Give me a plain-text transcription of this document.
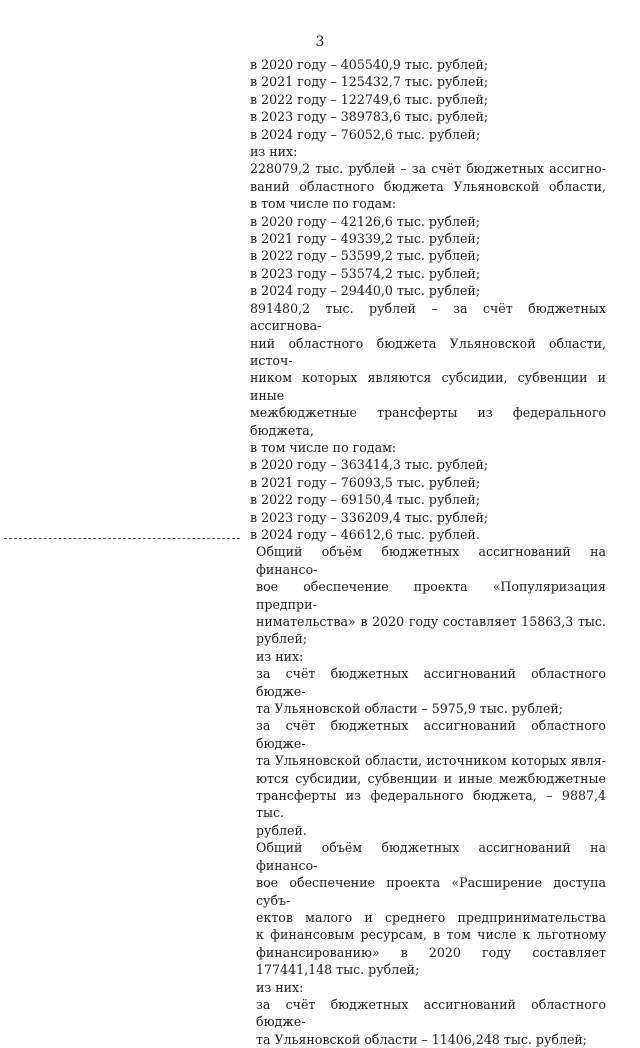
3

в 2020 году – 405540,9 тыс. рублей;

в 2021 году – 125432,7 тыс. рублей;

в 2022 году – 122749,6 тыс. рублей;

в 2023 году – 389783,6 тыс. рублей;

в 2024 году – 76052,6 тыс. рублей;

из них:

228079,2 тыс. рублей – за счёт бюджетных ассигно-

ваний областного бюджета Ульяновской области,

в том числе по годам:

в 2020 году – 42126,6 тыс. рублей;

в 2021 году – 49339,2 тыс. рублей;

в 2022 году – 53599,2 тыс. рублей;

в 2023 году – 53574,2 тыс. рублей;

в 2024 году – 29440,0 тыс. рублей;

891480,2 тыс. рублей – за счёт бюджетных ассигнова-

ний областного бюджета Ульяновской области, источ-

ником которых являются субсидии, субвенции и иные

межбюджетные трансферты из федерального бюджета,

в том числе по годам:

в 2020 году – 363414,3 тыс. рублей;

в 2021 году – 76093,5 тыс. рублей;

в 2022 году – 69150,4 тыс. рублей;

в 2023 году – 336209,4 тыс. рублей;

в 2024 году – 46612,6 тыс. рублей.

Общий объём бюджетных ассигнований на финансо-

вое обеспечение проекта «Популяризация предпри-

нимательства» в 2020 году составляет 15863,3 тыс.

рублей;

из них:

за счёт бюджетных ассигнований областного бюдже-

та Ульяновской области – 5975,9 тыс. рублей;

за счёт бюджетных ассигнований областного бюдже-

та Ульяновской области, источником которых явля-

ются субсидии, субвенции и иные межбюджетные

трансферты из федерального бюджета, – 9887,4 тыс.

рублей.

Общий объём бюджетных ассигнований на финансо-

вое обеспечение проекта «Расширение доступа субъ-

ектов малого и среднего предпринимательства

к финансовым ресурсам, в том числе к льготному

финансированию» в 2020 году составляет

177441,148 тыс. рублей;

из них:

за счёт бюджетных ассигнований областного бюдже-

та Ульяновской области – 11406,248 тыс. рублей;
